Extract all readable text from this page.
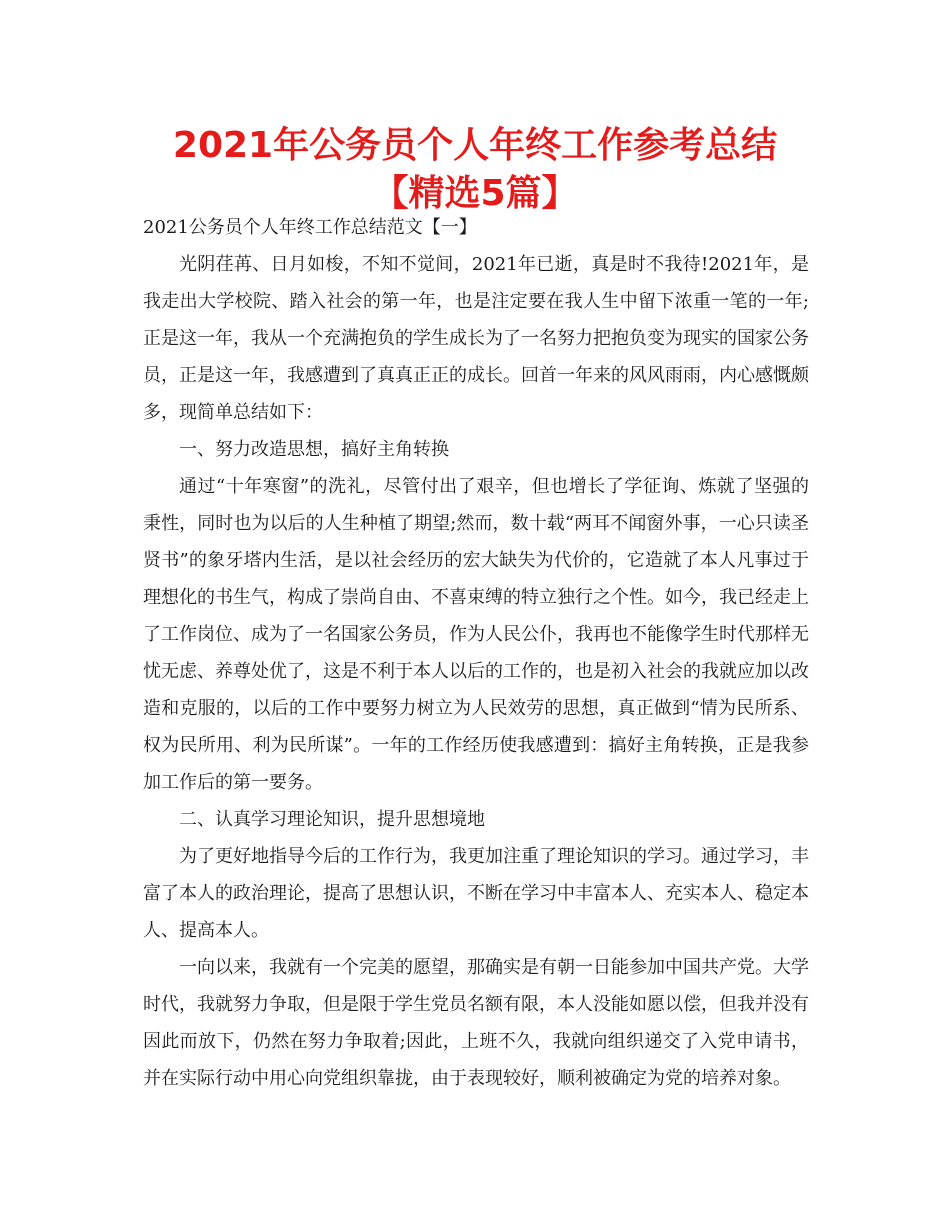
2021年公务员个人年终工作参考总结【精选5篇】

2021公务员个人年终工作总结范文【一】

光阴荏苒、日月如梭，不知不觉间，2021年已逝，真是时不我待!2021年，是我走出大学校院、踏入社会的第一年，也是注定要在我人生中留下浓重一笔的一年;正是这一年，我从一个充满抱负的学生成长为了一名努力把抱负变为现实的国家公务员，正是这一年，我感遭到了真真正正的成长。回首一年来的风风雨雨，内心感慨颇多，现简单总结如下：

一、努力改造思想，搞好主角转换

通过“十年寒窗”的洗礼，尽管付出了艰辛，但也增长了学征询、炼就了坚强的秉性，同时也为以后的人生种植了期望;然而，数十载“两耳不闻窗外事，一心只读圣贤书”的象牙塔内生活，是以社会经历的宏大缺失为代价的，它造就了本人凡事过于理想化的书生气，构成了崇尚自由、不喜束缚的特立独行之个性。如今，我已经走上了工作岗位、成为了一名国家公务员，作为人民公仆，我再也不能像学生时代那样无忧无虑、养尊处优了，这是不利于本人以后的工作的，也是初入社会的我就应加以改造和克服的，以后的工作中要努力树立为人民效劳的思想，真正做到“情为民所系、权为民所用、利为民所谋”。一年的工作经历使我感遭到：搞好主角转换，正是我参加工作后的第一要务。

二、认真学习理论知识，提升思想境地

为了更好地指导今后的工作行为，我更加注重了理论知识的学习。通过学习，丰富了本人的政治理论，提高了思想认识，不断在学习中丰富本人、充实本人、稳定本人、提高本人。

一向以来，我就有一个完美的愿望，那确实是有朝一日能参加中国共产党。大学时代，我就努力争取，但是限于学生党员名额有限，本人没能如愿以偿，但我并没有因此而放下，仍然在努力争取着;因此，上班不久，我就向组织递交了入党申请书，并在实际行动中用心向党组织靠拢，由于表现较好，顺利被确定为党的培养对象。
